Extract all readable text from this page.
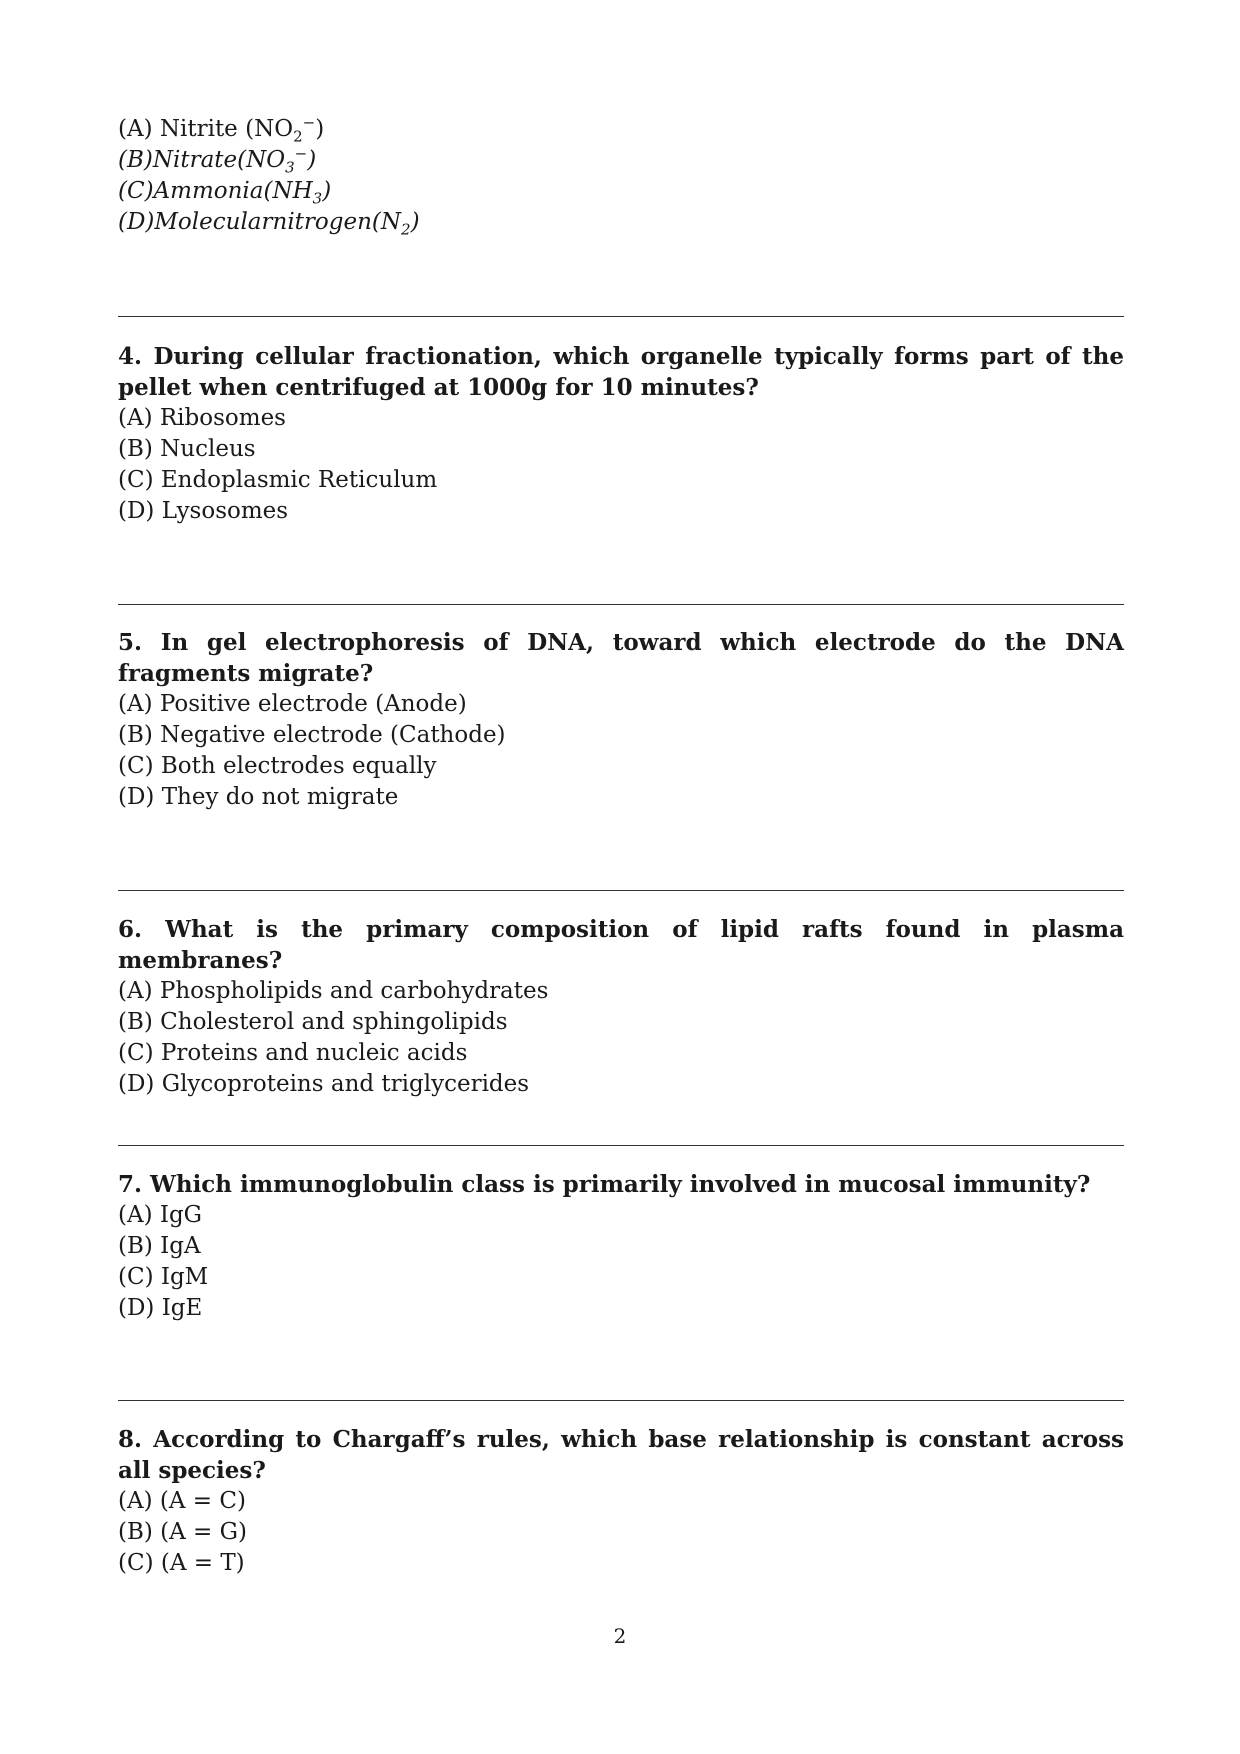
(A) Nitrite $(NO_2^-)$
$(B)Nitrate(NO_3^-)$
$(C)Ammonia(NH_3)$
$(D)Molecularnitrogen(N_2)$
4. During cellular fractionation, which organelle typically forms part of the pellet when centrifuged at 1000g for 10 minutes?
(A) Ribosomes
(B) Nucleus
(C) Endoplasmic Reticulum
(D) Lysosomes
5. In gel electrophoresis of DNA, toward which electrode do the DNA fragments migrate?
(A) Positive electrode (Anode)
(B) Negative electrode (Cathode)
(C) Both electrodes equally
(D) They do not migrate
6. What is the primary composition of lipid rafts found in plasma membranes?
(A) Phospholipids and carbohydrates
(B) Cholesterol and sphingolipids
(C) Proteins and nucleic acids
(D) Glycoproteins and triglycerides
7. Which immunoglobulin class is primarily involved in mucosal immunity?
(A) IgG
(B) IgA
(C) IgM
(D) IgE
8. According to Chargaff’s rules, which base relationship is constant across all species?
(A) (A = C)
(B) (A = G)
(C) (A = T)
2
